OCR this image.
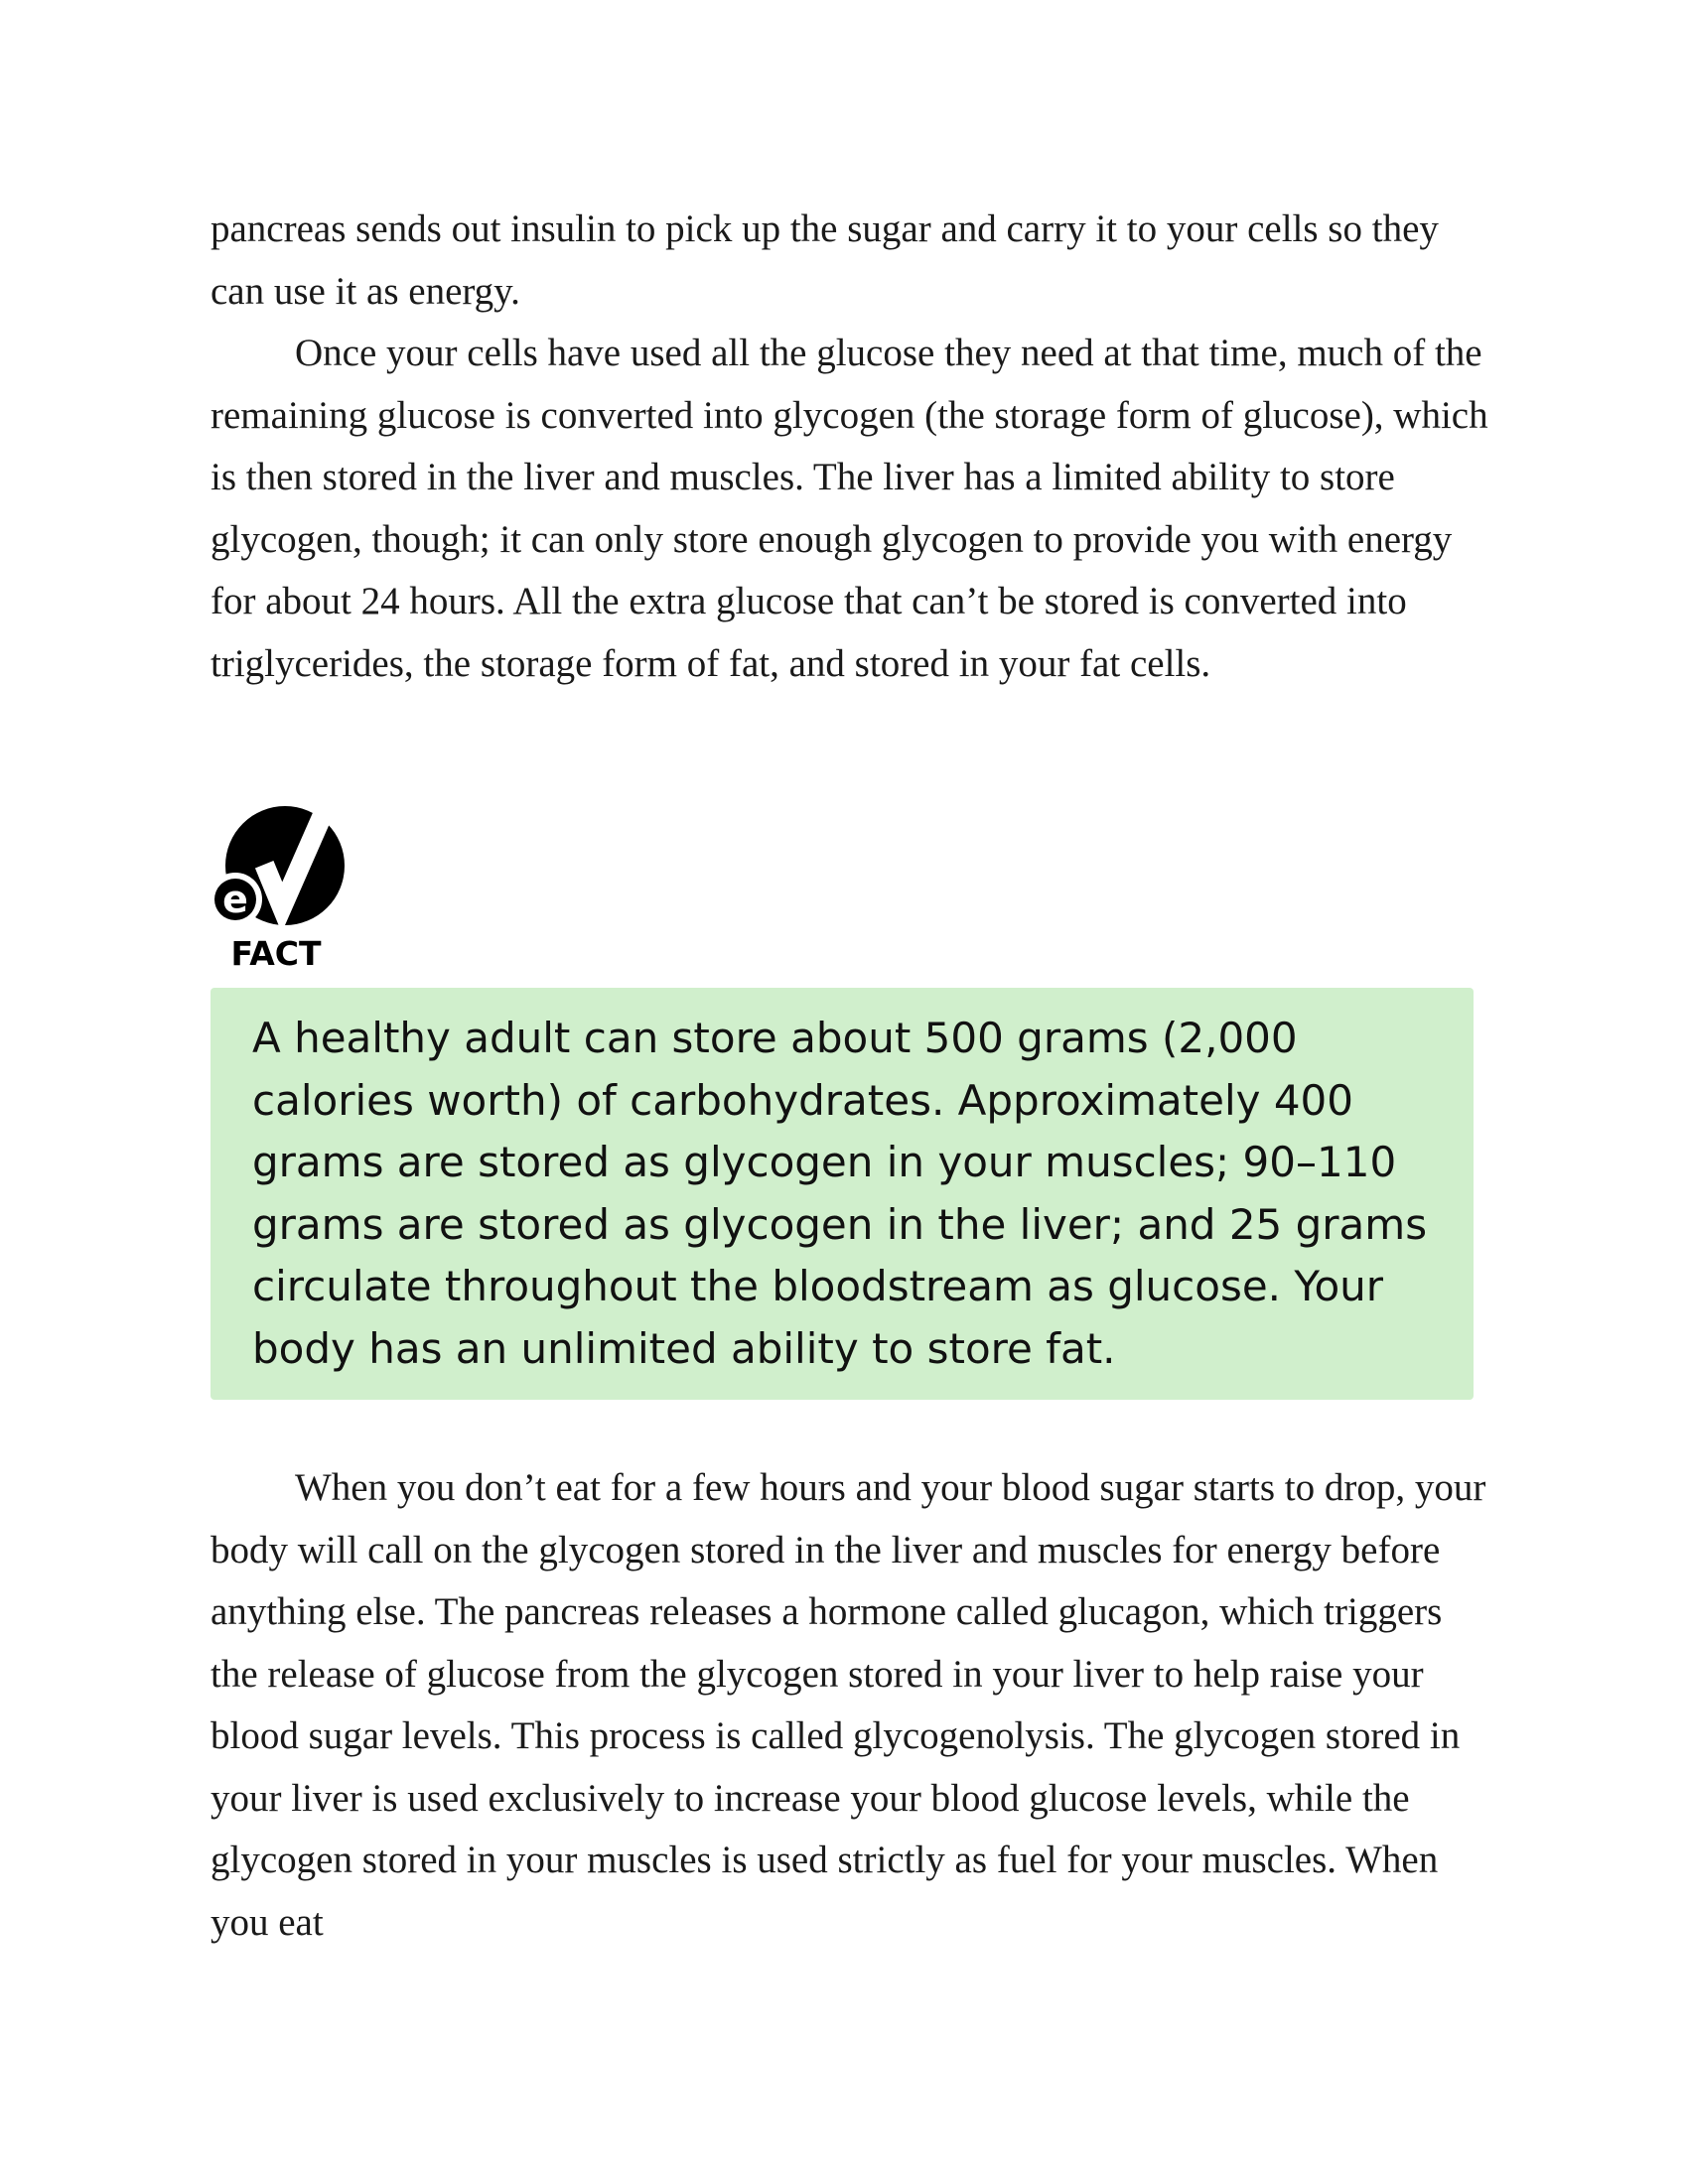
pancreas sends out insulin to pick up the sugar and carry it to your cells so they can use it as energy.

Once your cells have used all the glucose they need at that time, much of the remaining glucose is converted into glycogen (the storage form of glucose), which is then stored in the liver and muscles. The liver has a limited ability to store glycogen, though; it can only store enough glycogen to provide you with energy for about 24 hours. All the extra glucose that can’t be stored is converted into triglycerides, the storage form of fat, and stored in your fat cells.

e
FACT

A healthy adult can store about 500 grams (2,000 calories worth) of carbohydrates. Approximately 400 grams are stored as glycogen in your muscles; 90–110 grams are stored as glycogen in the liver; and 25 grams circulate throughout the bloodstream as glucose. Your body has an unlimited ability to store fat.

When you don’t eat for a few hours and your blood sugar starts to drop, your body will call on the glycogen stored in the liver and muscles for energy before anything else. The pancreas releases a hormone called glucagon, which triggers the release of glucose from the glycogen stored in your liver to help raise your blood sugar levels. This process is called glycogenolysis. The glycogen stored in your liver is used exclusively to increase your blood glucose levels, while the glycogen stored in your muscles is used strictly as fuel for your muscles. When you eat
